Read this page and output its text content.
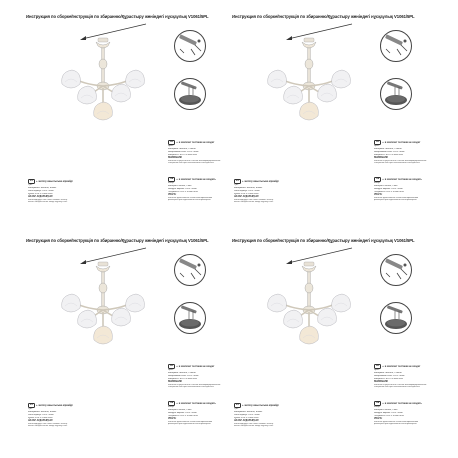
Инструкция по сборке/Інструкція по збиранню/Құрастыру жөніндегі нұсқаулық V1061/5PL
RU★ в комплект поставки не входит
Цвет:
Материал: Металл, Стекло
Напряжение сети: 220V~50Hz
Мощность: E14 5 x max 40W
ВНИМАНИЕ!
Монтаж осуществлять только квалифицированным
специалистом при отключённой электросети.
UA★ в комплект поставки не входить
Колір:
Матеріал: Метал, Скло
Напруга мережі: 220V~50Hz
Потужність: E14 5 x max 40W
УВАГА!
Монтаж здійснювати тільки кваліфікованим
фахівцем при відключеній електромережі.
KZ★ жеткізу жиынтығына кірмейді
Түсі:
Материалы: Металл, Шыны
Желі кернеуі: 220V~50Hz
Қуаты: E14 5 x max 40W
НАЗАР АУДАРЫҢЫЗ!
Монтаждауды тек білікті маман электр
желісі ажыратылған кезде жүргізуі тиіс.
Инструкция по сборке/Інструкція по збиранню/Құрастыру жөніндегі нұсқаулық V1061/5PL
RU★ в комплект поставки не входит
Цвет:
Материал: Металл, Стекло
Напряжение сети: 220V~50Hz
Мощность: E14 5 x max 40W
ВНИМАНИЕ!
Монтаж осуществлять только квалифицированным
специалистом при отключённой электросети.
UA★ в комплект поставки не входить
Колір:
Матеріал: Метал, Скло
Напруга мережі: 220V~50Hz
Потужність: E14 5 x max 40W
УВАГА!
Монтаж здійснювати тільки кваліфікованим
фахівцем при відключеній електромережі.
KZ★ жеткізу жиынтығына кірмейді
Түсі:
Материалы: Металл, Шыны
Желі кернеуі: 220V~50Hz
Қуаты: E14 5 x max 40W
НАЗАР АУДАРЫҢЫЗ!
Монтаждауды тек білікті маман электр
желісі ажыратылған кезде жүргізуі тиіс.
Инструкция по сборке/Інструкція по збиранню/Құрастыру жөніндегі нұсқаулық V1061/5PL
RU★ в комплект поставки не входит
Цвет:
Материал: Металл, Стекло
Напряжение сети: 220V~50Hz
Мощность: E14 5 x max 40W
ВНИМАНИЕ!
Монтаж осуществлять только квалифицированным
специалистом при отключённой электросети.
UA★ в комплект поставки не входить
Колір:
Матеріал: Метал, Скло
Напруга мережі: 220V~50Hz
Потужність: E14 5 x max 40W
УВАГА!
Монтаж здійснювати тільки кваліфікованим
фахівцем при відключеній електромережі.
KZ★ жеткізу жиынтығына кірмейді
Түсі:
Материалы: Металл, Шыны
Желі кернеуі: 220V~50Hz
Қуаты: E14 5 x max 40W
НАЗАР АУДАРЫҢЫЗ!
Монтаждауды тек білікті маман электр
желісі ажыратылған кезде жүргізуі тиіс.
Инструкция по сборке/Інструкція по збиранню/Құрастыру жөніндегі нұсқаулық V1061/5PL
RU★ в комплект поставки не входит
Цвет:
Материал: Металл, Стекло
Напряжение сети: 220V~50Hz
Мощность: E14 5 x max 40W
ВНИМАНИЕ!
Монтаж осуществлять только квалифицированным
специалистом при отключённой электросети.
UA★ в комплект поставки не входить
Колір:
Матеріал: Метал, Скло
Напруга мережі: 220V~50Hz
Потужність: E14 5 x max 40W
УВАГА!
Монтаж здійснювати тільки кваліфікованим
фахівцем при відключеній електромережі.
KZ★ жеткізу жиынтығына кірмейді
Түсі:
Материалы: Металл, Шыны
Желі кернеуі: 220V~50Hz
Қуаты: E14 5 x max 40W
НАЗАР АУДАРЫҢЫЗ!
Монтаждауды тек білікті маман электр
желісі ажыратылған кезде жүргізуі тиіс.
